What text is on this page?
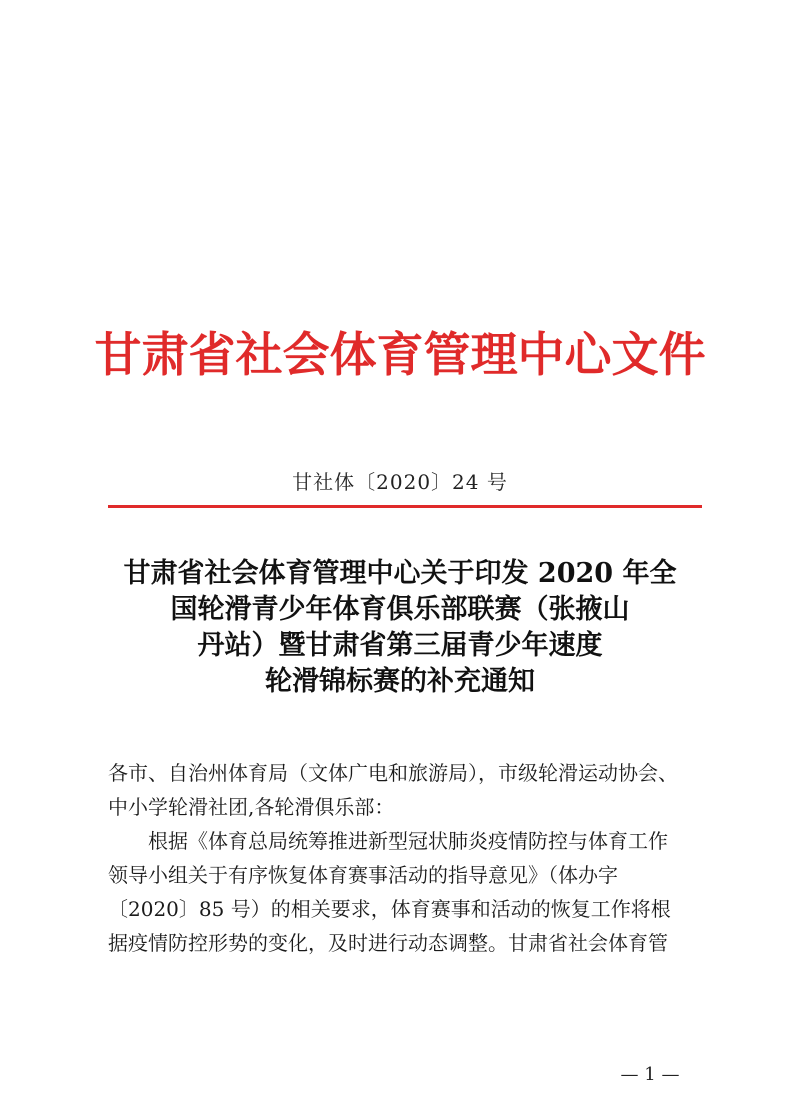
甘肃省社会体育管理中心文件
甘社体〔2020〕24 号
甘肃省社会体育管理中心关于印发 2020 年全
国轮滑青少年体育俱乐部联赛（张掖山
丹站）暨甘肃省第三届青少年速度
轮滑锦标赛的补充通知
各市、自治州体育局（文体广电和旅游局），市级轮滑运动协会、
中小学轮滑社团,各轮滑俱乐部：
根据《体育总局统筹推进新型冠状肺炎疫情防控与体育工作
领导小组关于有序恢复体育赛事活动的指导意见》（体办字
〔2020〕85 号）的相关要求，体育赛事和活动的恢复工作将根
据疫情防控形势的变化，及时进行动态调整。甘肃省社会体育管
— 1 —
